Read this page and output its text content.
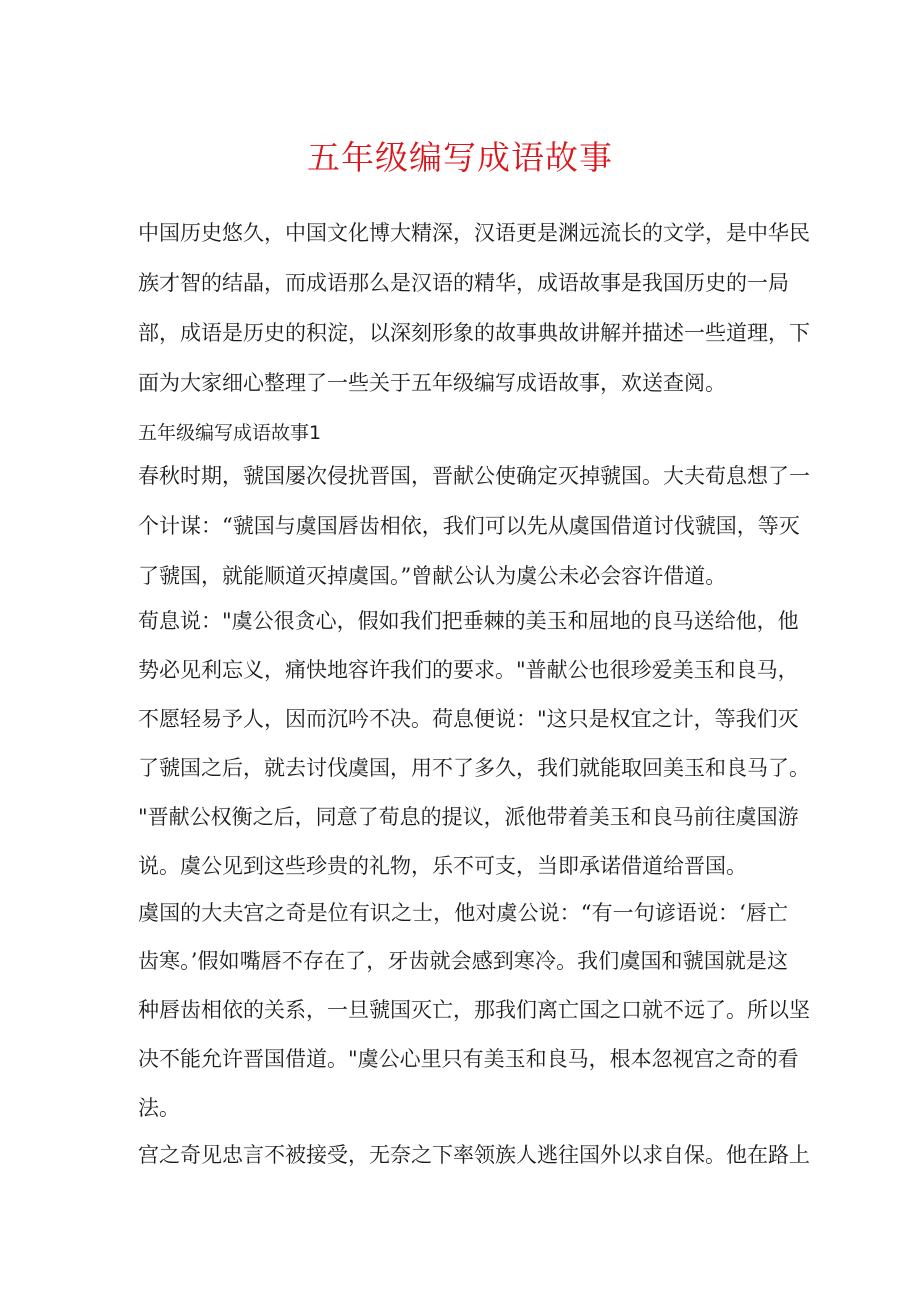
五年级编写成语故事

中国历史悠久，中国文化博大精深，汉语更是渊远流长的文学，是中华民

族才智的结晶，而成语那么是汉语的精华，成语故事是我国历史的一局

部，成语是历史的积淀，以深刻形象的故事典故讲解并描述一些道理，下

面为大家细心整理了一些关于五年级编写成语故事，欢送查阅。

五年级编写成语故事1

春秋时期，虢国屡次侵扰晋国，晋献公使确定灭掉虢国。大夫荀息想了一

个计谋：“虢国与虞国唇齿相依，我们可以先从虞国借道讨伐虢国，等灭

了虢国，就能顺道灭掉虞国。”曾献公认为虞公未必会容许借道。

荀息说："虞公很贪心，假如我们把垂棘的美玉和屈地的良马送给他，他

势必见利忘义，痛快地容许我们的要求。"普献公也很珍爱美玉和良马，

不愿轻易予人，因而沉吟不决。荷息便说："这只是权宜之计，等我们灭

了虢国之后，就去讨伐虞国，用不了多久，我们就能取回美玉和良马了。

"晋献公权衡之后，同意了荀息的提议，派他带着美玉和良马前往虞国游

说。虞公见到这些珍贵的礼物，乐不可支，当即承诺借道给晋国。

虞国的大夫宫之奇是位有识之士，他对虞公说：“有一句谚语说：‘唇亡

齿寒。’假如嘴唇不存在了，牙齿就会感到寒冷。我们虞国和虢国就是这

种唇齿相依的关系，一旦虢国灭亡，那我们离亡国之口就不远了。所以坚

决不能允许晋国借道。"虞公心里只有美玉和良马，根本忽视宫之奇的看

法。

宫之奇见忠言不被接受，无奈之下率领族人逃往国外以求自保。他在路上
